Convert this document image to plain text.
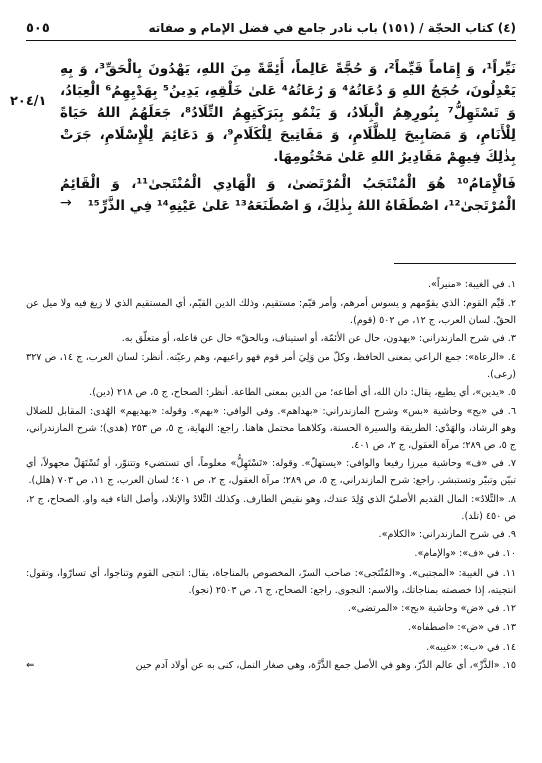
(٤) كتاب الحجّة / (١٥١) باب نادر جامع في فضل الإمام و صفاته
٥٠٥
٢٠٤/١

نَيِّراً¹، وَ إِمَاماً قَيِّماً²، وَ حُجَّةً عَالِماً، أَئِمَّةً مِنَ اللهِ، يَهْدُونَ بِالْحَقِّ³، وَ بِهِ يَعْدِلُونَ، حُجَجُ اللهِ وَ دُعَاتُهُ⁴ وَ رُعَاتُهُ⁴ عَلىٰ خَلْقِهِ، يَدِينُ⁵ بِهَدْيِهِمُ⁶ الْعِبَادُ، وَ تَسْتَهِلُّ⁷ بِنُورِهِمُ الْبِلَادُ، وَ يَنْمُو بِبَرَكَتِهِمُ التِّلَادُ⁸، جَعَلَهُمُ اللهُ حَيَاةً لِلْأَنَامِ، وَ مَصَابِيحَ لِلظَّلَامِ، وَ مَفَاتِيحَ لِلْكَلَامِ⁹، وَ دَعَائِمَ لِلْإِسْلَامِ، جَرَتْ بِذٰلِكَ فِيهِمْ مَقَادِيرُ اللهِ عَلىٰ مَحْتُومِهَا.

فَالْإِمَامُ¹⁰ هُوَ الْمُنْتَجَبُ الْمُرْتَضىٰ، وَ الْهَادِي الْمُنْتَجىٰ¹¹، وَ الْقَائِمُ الْمُرْتَجىٰ¹²، اصْطَفَاهُ اللهُ بِذٰلِكَ، وَ اصْطَنَعَهُ¹³ عَلىٰ عَيْنِهِ¹⁴ فِي الذَّرِّ¹⁵

→
١. في الغيبة: «منيراً».
٢. قَيِّم القوم: الذي يقوّمهم و يسوس أمرهم، وأمر قيّم: مستقيم، وذلك الدين القيّم، أي المستقيم الذي لا زيغ فيه ولا ميل عن الحقّ. لسان العرب، ج ١٢، ص ٥٠٢ (قوم).
٣. في شرح المازندراني: «يهدون، حال عن الأئمّة، أو استيناف، وبالحقّ» حال عن فاعله، أو متعلّق به.
٤. «الرعاة»: جمع الراعي بمعنى الحافظ، وكلّ من وَلِيَ أمر قوم فهو راعيهم، وهم رعيّته. أنظر: لسان العرب، ج ١٤، ص ٣٢٧ (رعى).
٥. «يدين»، أي يطيع، يقال: دان الله، أي أطاعه؛ من الدين بمعنى الطاعة. أنظر: الصحاح، ج ٥، ص ٢١٨ (دين).
٦. في «بح» وحاشية «بس» وشرح المازندراني: «بهداهم». وفي الوافي: «بهم». وقوله: «بهديهم» الهُدى: المقابل للضلال وهو الرشاد، والهَدْي: الطريقة والسيرة الحسنة، وكلاهما محتمل هاهنا. راجع: النهاية، ج ٥، ص ٢٥٣ (هدى)؛ شرح المازندراني، ج ٥، ص ٢٨٩؛ مرآة العقول، ج ٢، ص ٤٠١.
٧. في «ف» وحاشية ميرزا رفيعا والوافي: «يستهلّ». وقوله: «تَسْتَهِلُّ» معلوماً، أي تستضيء وتتنوّر، أو تُسْتَهَلّ مجهولاً، أي تبيّن وتبيّر وتستبشر. راجع: شرح المازندراني، ج ٥، ص ٢٨٩؛ مرآة العقول، ج ٢، ص ٤٠١؛ لسان العرب، ج ١١، ص ٧٠٣ (هلل).
٨. «التِّلادُ»: المال القديم الأصليّ الذي وُلِدَ عندك، وهو نقيض الطارف. وكذلك التِّلادُ والإتلاد، وأصل التاء فيه واو. الصحاح، ج ٢، ص ٤٥٠ (تلد).
٩. في شرح المازندراني: «الكلام». ١٠. في «ف»: «والإمام».
١١. في الغيبة: «المجتبى». و«المُنْتَجى»: صاحب السرّ، المخصوص بالمناجاة، يقال: انتجى القوم وتناجوا، أي تسارّوا، وتقول: انتجيته، إذا خصصته بمناجاتك، والاسم: النجوى. راجع: الصحاح، ج ٦، ص ٢٥٠٣ (نجو).
١٢. في «ض» وحاشية «بح»: «المرتضى». ١٣. في «ض»: «اصطفاه».
١٤. في «ب»: «غيبه».
١٥. «الذَّرِّ»، أي عالم الذّرّ، وهو في الأصل جمع الذَّرَّة، وهي صغار النمل، كنى به عن أولاد آدم حين
⇐
